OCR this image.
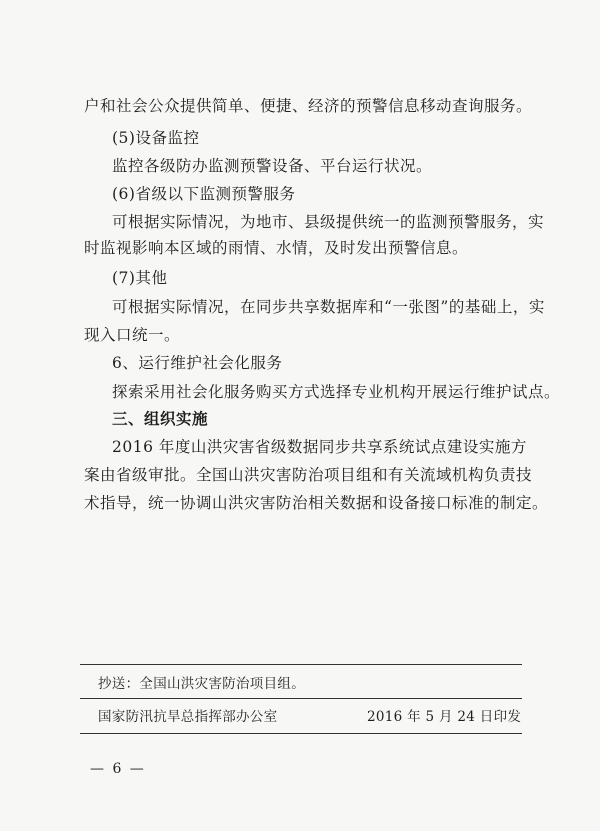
户和社会公众提供简单、便捷、经济的预警信息移动查询服务。
(5)设备监控
监控各级防办监测预警设备、平台运行状况。
(6)省级以下监测预警服务
可根据实际情况，为地市、县级提供统一的监测预警服务，实
时监视影响本区域的雨情、水情，及时发出预警信息。
(7)其他
可根据实际情况，在同步共享数据库和“一张图”的基础上，实
现入口统一。
6、运行维护社会化服务
探索采用社会化服务购买方式选择专业机构开展运行维护试点。
三、组织实施
2016 年度山洪灾害省级数据同步共享系统试点建设实施方
案由省级审批。全国山洪灾害防治项目组和有关流域机构负责技
术指导，统一协调山洪灾害防治相关数据和设备接口标准的制定。
抄送：全国山洪灾害防治项目组。
国家防汛抗旱总指挥部办公室	2016 年 5 月 24 日印发
— 6 —
